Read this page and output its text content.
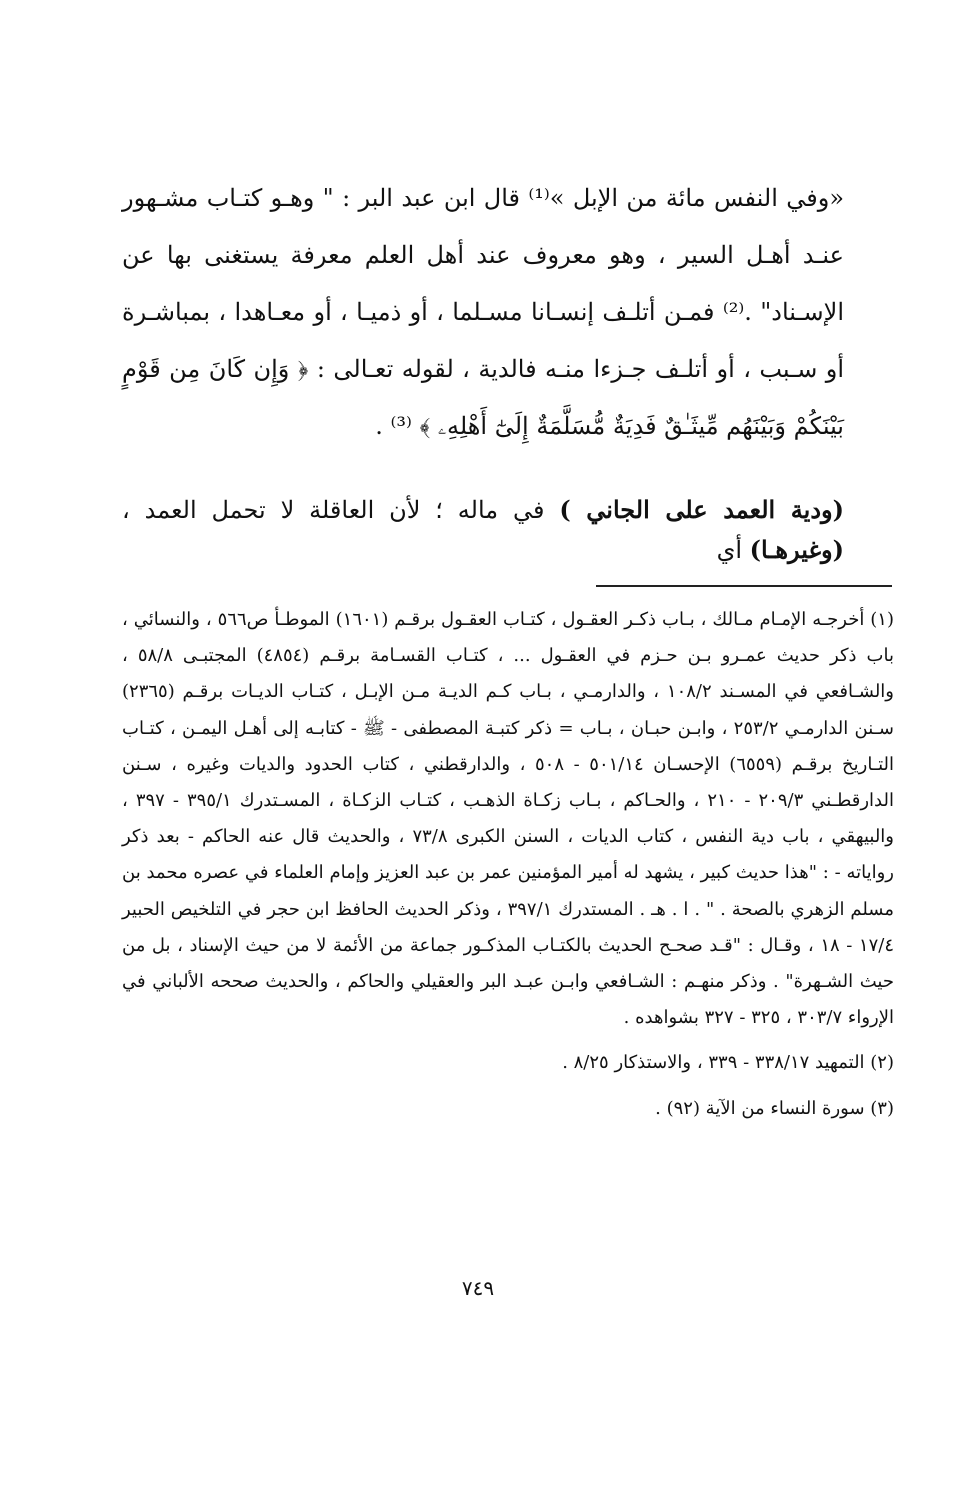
«وفي النفس مائة من الإبل »⁽¹⁾ قال ابن عبد البر : " وهـو كتـاب مشـهور عنـد أهـل السير ، وهو معروف عند أهل العلم معرفة يستغنى بها عن الإسـناد" .⁽²⁾ فمـن أتلـف إنسـانا مسـلما ، أو ذميـا ، أو معـاهدا ، بمباشـرة أو سـبب ، أو أتلـف جـزءا منـه فالدية ، لقوله تعـالى : ﴿ وَإِن كَانَ مِن قَوْمٍ بَيْنَكُمْ وَبَيْنَهُم مِّيثَـٰقٌ فَدِيَةٌ مُّسَلَّمَةٌ إِلَىٰٓ أَهْلِهِۦ ﴾ ⁽³⁾ .

(ودية العمد على الجاني ) في ماله ؛ لأن العاقلة لا تحمل العمد ، (وغيرهـا) أي

(١) أخرجـه الإمـام مـالك ، بـاب ذكـر العقـول ، كتـاب العقـول برقـم (١٦٠١) الموطـأ ص٥٦٦ ، والنسائي ، باب ذكر حديث عمـرو بـن حـزم في العقـول ... ، كتـاب القسـامة برقـم (٤٨٥٤) المجتبـى ٥٨/٨ ، والشـافعي في المسـند ١٠٨/٢ ، والدارمـي ، بـاب كـم الديـة مـن الإبـل ، كتـاب الديـات برقـم (٢٣٦٥) سـنن الدارمـي ٢٥٣/٢ ، وابـن حبـان ، بـاب = ذكر كتبـة المصطفى - ﷺ - كتابـه إلى أهـل اليمـن ، كتـاب التـاريخ برقـم (٦٥٥٩) الإحسـان ٥٠١/١٤ - ٥٠٨ ، والدارقطني ، كتاب الحدود والديات وغيره ، سـنن الدارقطـني ٢٠٩/٣ - ٢١٠ ، والحـاكم ، بـاب زكـاة الذهـب ، كتـاب الزكـاة ، المسـتدرك ٣٩٥/١ - ٣٩٧ ، والبيهقي ، باب دية النفس ، كتاب الديات ، السنن الكبرى ٧٣/٨ ، والحديث قال عنه الحاكم - بعد ذكر رواياته - : "هذا حديث كبير ، يشهد له أمير المؤمنين عمر بن عبد العزيز وإمام العلماء في عصره محمد بن مسلم الزهري بالصحة . " . ا . هـ . المستدرك ٣٩٧/١ ، وذكر الحديث الحافظ ابن حجر في التلخيص الحبير ١٧/٤ - ١٨ ، وقـال : "قـد صحـح الحديث بالكتـاب المذكـور جماعة من الأئمة لا من حيث الإسناد ، بل من حيث الشـهرة" . وذكر منهـم : الشـافعي وابـن عبـد البر والعقيلي والحاكم ، والحديث صححه الألباني في الإرواء ٣٠٣/٧ ، ٣٢٥ - ٣٢٧ بشواهده .

(٢) التمهيد ٣٣٨/١٧ - ٣٣٩ ، والاستذكار ٨/٢٥ .

(٣) سورة النساء من الآية (٩٢) .

٧٤٩
